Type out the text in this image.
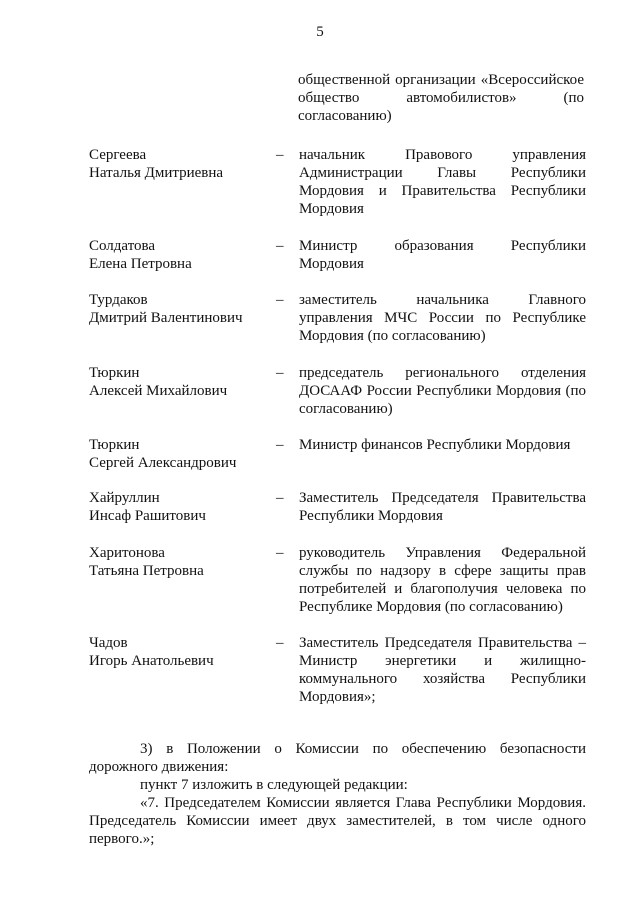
5
общественной организации «Всероссийское общество автомобилистов» (по согласованию)
Сергеева
Наталья Дмитриевна
– начальник Правового управления Администрации Главы Республики Мордовия и Правительства Республики Мордовия
Солдатова
Елена Петровна
– Министр образования Республики Мордовия
Турдаков
Дмитрий Валентинович
– заместитель начальника Главного управления МЧС России по Республике Мордовия (по согласованию)
Тюркин
Алексей Михайлович
– председатель регионального отделения ДОСААФ России Республики Мордовия (по согласованию)
Тюркин
Сергей Александрович
– Министр финансов Республики Мордовия
Хайруллин
Инсаф Рашитович
– Заместитель Председателя Правительства Республики Мордовия
Харитонова
Татьяна Петровна
– руководитель Управления Федеральной службы по надзору в сфере защиты прав потребителей и благополучия человека по Республике Мордовия (по согласованию)
Чадов
Игорь Анатольевич
– Заместитель Председателя Правительства – Министр энергетики и жилищно-коммунального хозяйства Республики Мордовия»;

3) в Положении о Комиссии по обеспечению безопасности дорожного движения:

пункт 7 изложить в следующей редакции:

«7. Председателем Комиссии является Глава Республики Мордовия. Председатель Комиссии имеет двух заместителей, в том числе одного первого.»;
